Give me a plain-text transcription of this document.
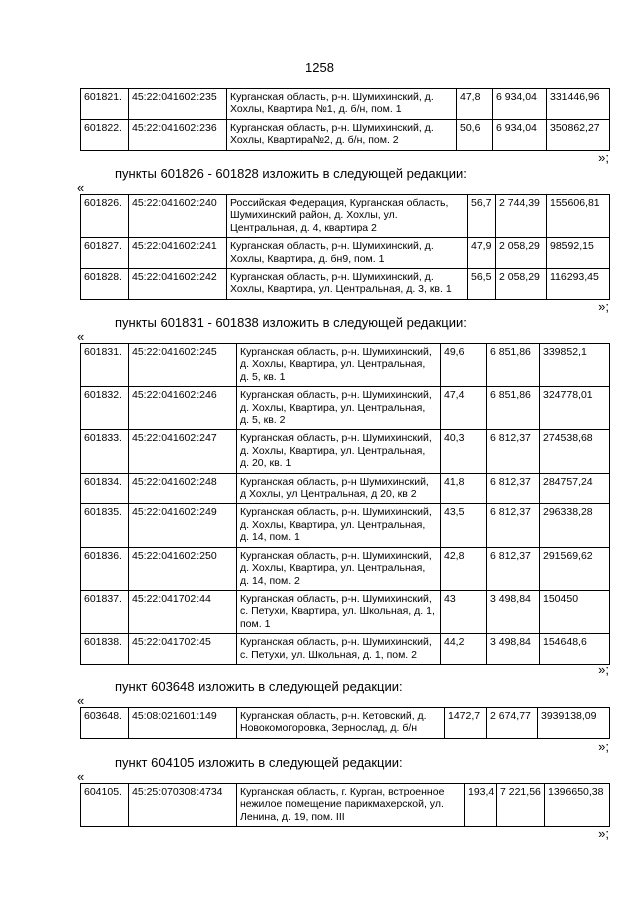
1258
601821.	45:22:041602:235	Курганская область, р-н. Шумихинский, д. Хохлы, Квартира №1, д. б/н, пом. 1	47,8	6 934,04	331446,96
601822.	45:22:041602:236	Курганская область, р-н. Шумихинский, д. Хохлы, Квартира№2, д. б/н, пом. 2	50,6	6 934,04	350862,27
»;
пункты 601826 - 601828 изложить в следующей редакции:
«
601826.	45:22:041602:240	Российская Федерация, Курганская область, Шумихинский район, д. Хохлы, ул. Центральная, д. 4, квартира 2	56,7	2 744,39	155606,81
601827.	45:22:041602:241	Курганская область, р-н. Шумихинский, д. Хохлы, Квартира, д. бн9, пом. 1	47,9	2 058,29	98592,15
601828.	45:22:041602:242	Курганская область, р-н. Шумихинский, д. Хохлы, Квартира, ул. Центральная, д. 3, кв. 1	56,5	2 058,29	116293,45
»;
пункты 601831 - 601838 изложить в следующей редакции:
«
601831.	45:22:041602:245	Курганская область, р-н. Шумихинский, д. Хохлы, Квартира, ул. Центральная, д. 5, кв. 1	49,6	6 851,86	339852,1
601832.	45:22:041602:246	Курганская область, р-н. Шумихинский, д. Хохлы, Квартира, ул. Центральная, д. 5, кв. 2	47,4	6 851,86	324778,01
601833.	45:22:041602:247	Курганская область, р-н. Шумихинский, д. Хохлы, Квартира, ул. Центральная, д. 20, кв. 1	40,3	6 812,37	274538,68
601834.	45:22:041602:248	Курганская область, р-н Шумихинский, д Хохлы, ул Центральная, д 20, кв 2	41,8	6 812,37	284757,24
601835.	45:22:041602:249	Курганская область, р-н. Шумихинский, д. Хохлы, Квартира, ул. Центральная, д. 14, пом. 1	43,5	6 812,37	296338,28
601836.	45:22:041602:250	Курганская область, р-н. Шумихинский, д. Хохлы, Квартира, ул. Центральная, д. 14, пом. 2	42,8	6 812,37	291569,62
601837.	45:22:041702:44	Курганская область, р-н. Шумихинский, с. Петухи, Квартира, ул. Школьная, д. 1, пом. 1	43	3 498,84	150450
601838.	45:22:041702:45	Курганская область, р-н. Шумихинский, с. Петухи, ул. Школьная, д. 1, пом. 2	44,2	3 498,84	154648,6
»;
пункт 603648 изложить в следующей редакции:
«
603648.	45:08:021601:149	Курганская область, р-н. Кетовский, д. Новокомогоровка, Зернослад, д. б/н	1472,7	2 674,77	3939138,09
»;
пункт 604105 изложить в следующей редакции:
«
604105.	45:25:070308:4734	Курганская область, г. Курган, встроенное нежилое помещение парикмахерской, ул. Ленина, д. 19, пом. III	193,4	7 221,56	1396650,38
»;
